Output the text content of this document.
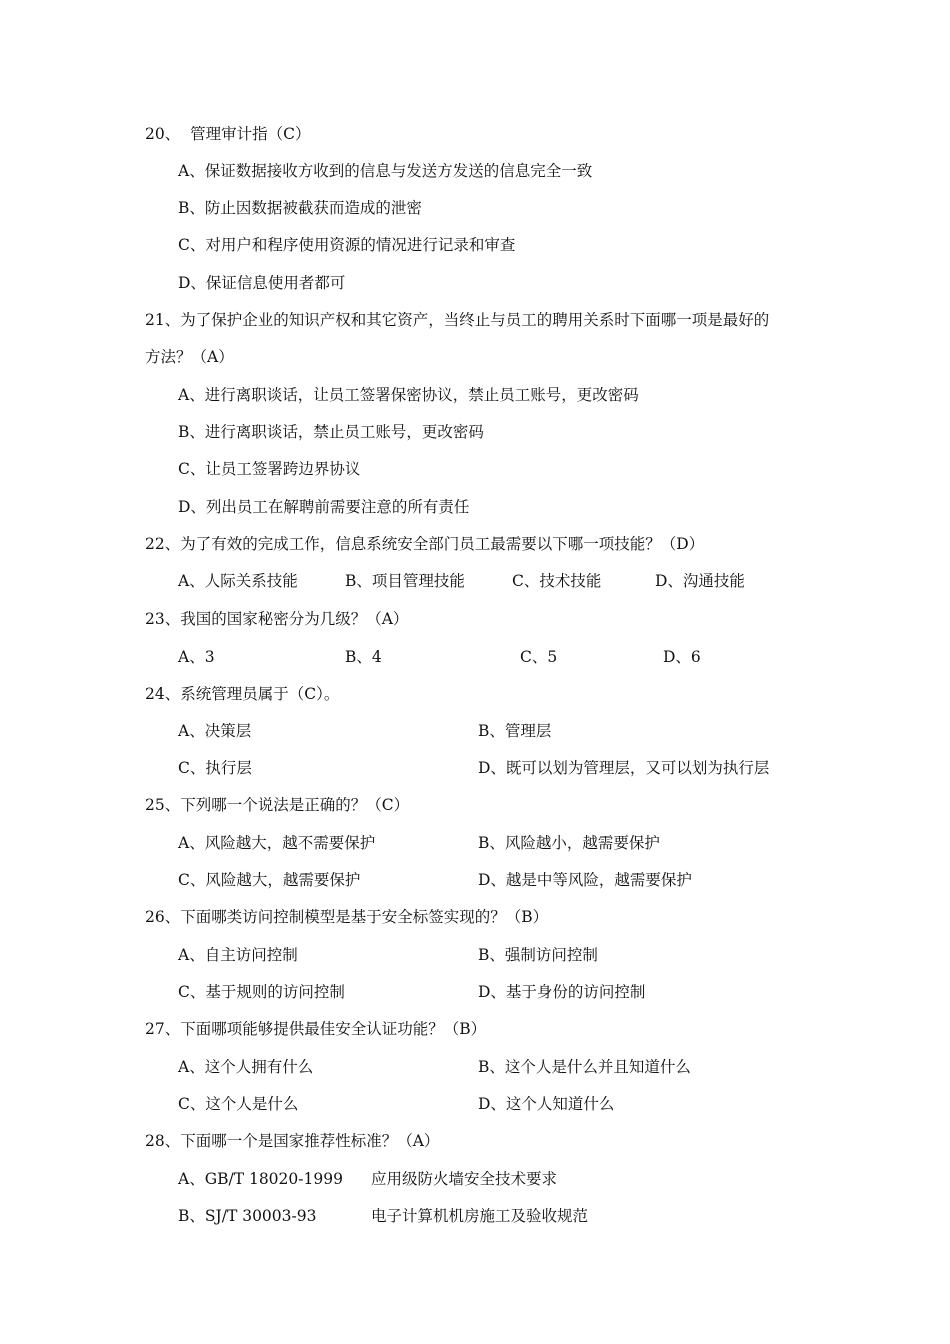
20、 管理审计指（C）
A、保证数据接收方收到的信息与发送方发送的信息完全一致
B、防止因数据被截获而造成的泄密
C、对用户和程序使用资源的情况进行记录和审查
D、保证信息使用者都可
21、为了保护企业的知识产权和其它资产，当终止与员工的聘用关系时下面哪一项是最好的
方法？（A）
A、进行离职谈话，让员工签署保密协议，禁止员工账号，更改密码
B、进行离职谈话，禁止员工账号，更改密码
C、让员工签署跨边界协议
D、列出员工在解聘前需要注意的所有责任
22、为了有效的完成工作，信息系统安全部门员工最需要以下哪一项技能？（D）
A、人际关系技能	B、项目管理技能	C、技术技能	D、沟通技能
23、我国的国家秘密分为几级？（A）
A、3	B、4	C、5	D、6
24、系统管理员属于（C）。
A、决策层	B、管理层
C、执行层	D、既可以划为管理层，又可以划为执行层
25、下列哪一个说法是正确的？（C）
A、风险越大，越不需要保护	B、风险越小，越需要保护
C、风险越大，越需要保护	D、越是中等风险，越需要保护
26、下面哪类访问控制模型是基于安全标签实现的？（B）
A、自主访问控制	B、强制访问控制
C、基于规则的访问控制	D、基于身份的访问控制
27、下面哪项能够提供最佳安全认证功能？（B）
A、这个人拥有什么	B、这个人是什么并且知道什么
C、这个人是什么	D、这个人知道什么
28、下面哪一个是国家推荐性标准？（A）
A、GB/T 18020-1999 应用级防火墙安全技术要求
B、SJ/T 30003-93	电子计算机机房施工及验收规范
